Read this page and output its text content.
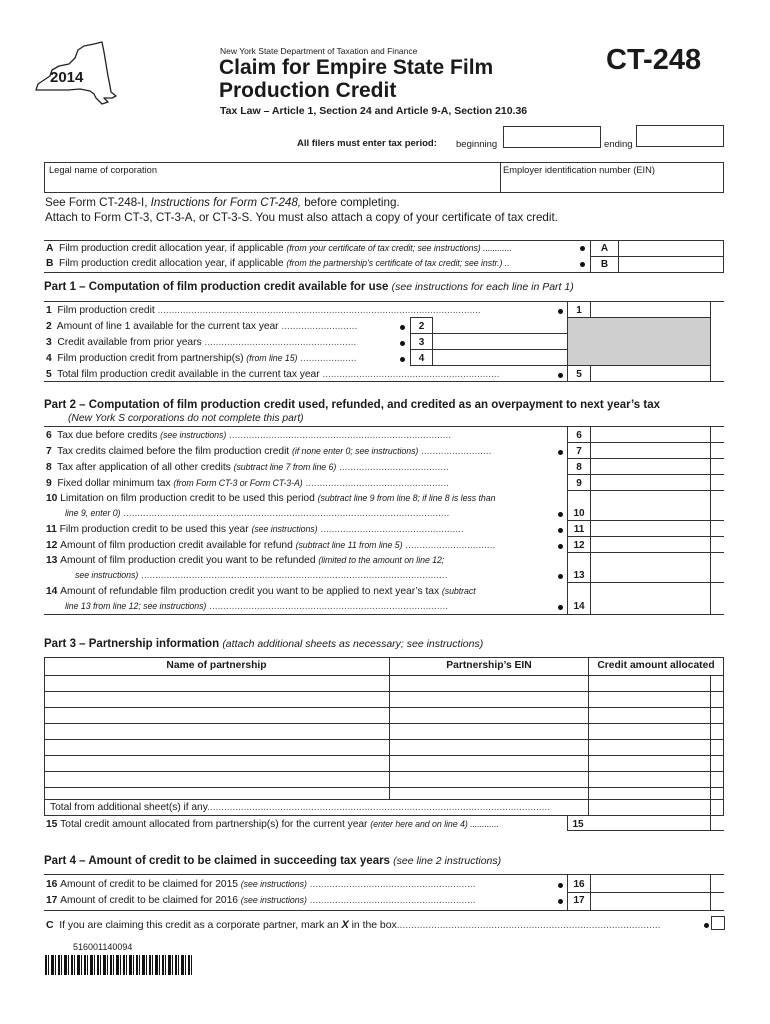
2014
New York State Department of Taxation and Finance
Claim for Empire State Film
Production Credit
CT-248
Tax Law – Article 1, Section 24 and Article 9-A, Section 210.36
All filers must enter tax period: beginning	ending
Legal name of corporation	Employer identification number (EIN)
See Form CT-248-I, Instructions for Form CT-248, before completing.
Attach to Form CT-3, CT-3-A, or CT-3-S. You must also attach a copy of your certificate of tax credit.
A Film production credit allocation year, if applicable (from your certificate of tax credit; see instructions) ............	A
B Film production credit allocation year, if applicable (from the partnership’s certificate of tax credit; see instr.) ..	B
Part 1 – Computation of film production credit available for use (see instructions for each line in Part 1)
1 Film production credit ...................................................................................................................	1
2 Amount of line 1 available for the current tax year ...........................	2
3 Credit available from prior years ......................................................	3
4 Film production credit from partnership(s) (from line 15) ....................	4
5 Total film production credit available in the current tax year ...............................................................	5
Part 2 – Computation of film production credit used, refunded, and credited as an overpayment to next year’s tax
(New York S corporations do not complete this part)
6 Tax due before credits (see instructions) ...............................................................................	6
7 Tax credits claimed before the film production credit (if none enter 0; see instructions) .........................	7
8 Tax after application of all other credits (subtract line 7 from line 6) .......................................	8
9 Fixed dollar minimum tax (from Form CT-3 or Form CT-3-A) ...................................................	9
10 Limitation on film production credit to be used this period (subtract line 9 from line 8; if line 8 is less than
line 9, enter 0) ....................................................................................................................	10
11 Film production credit to be used this year (see instructions) ...................................................	11
12 Amount of film production credit available for refund (subtract line 11 from line 5) ................................	12
13 Amount of film production credit you want to be refunded (limited to the amount on line 12;
see instructions) .............................................................................................................	13
14 Amount of refundable film production credit you want to be applied to next year’s tax (subtract
line 13 from line 12; see instructions) .....................................................................................	14
Part 3 – Partnership information (attach additional sheets as necessary; see instructions)
Name of partnership	Partnership’s EIN	Credit amount allocated
Total from additional sheet(s) if any..........................................................................................................................
15 Total credit amount allocated from partnership(s) for the current year (enter here and on line 4) ............	15
Part 4 – Amount of credit to be claimed in succeeding tax years (see line 2 instructions)
16 Amount of credit to be claimed for 2015 (see instructions) ...........................................................	16
17 Amount of credit to be claimed for 2016 (see instructions) ...........................................................	17
C If you are claiming this credit as a corporate partner, mark an X in the box............................................................................................
516001140094
